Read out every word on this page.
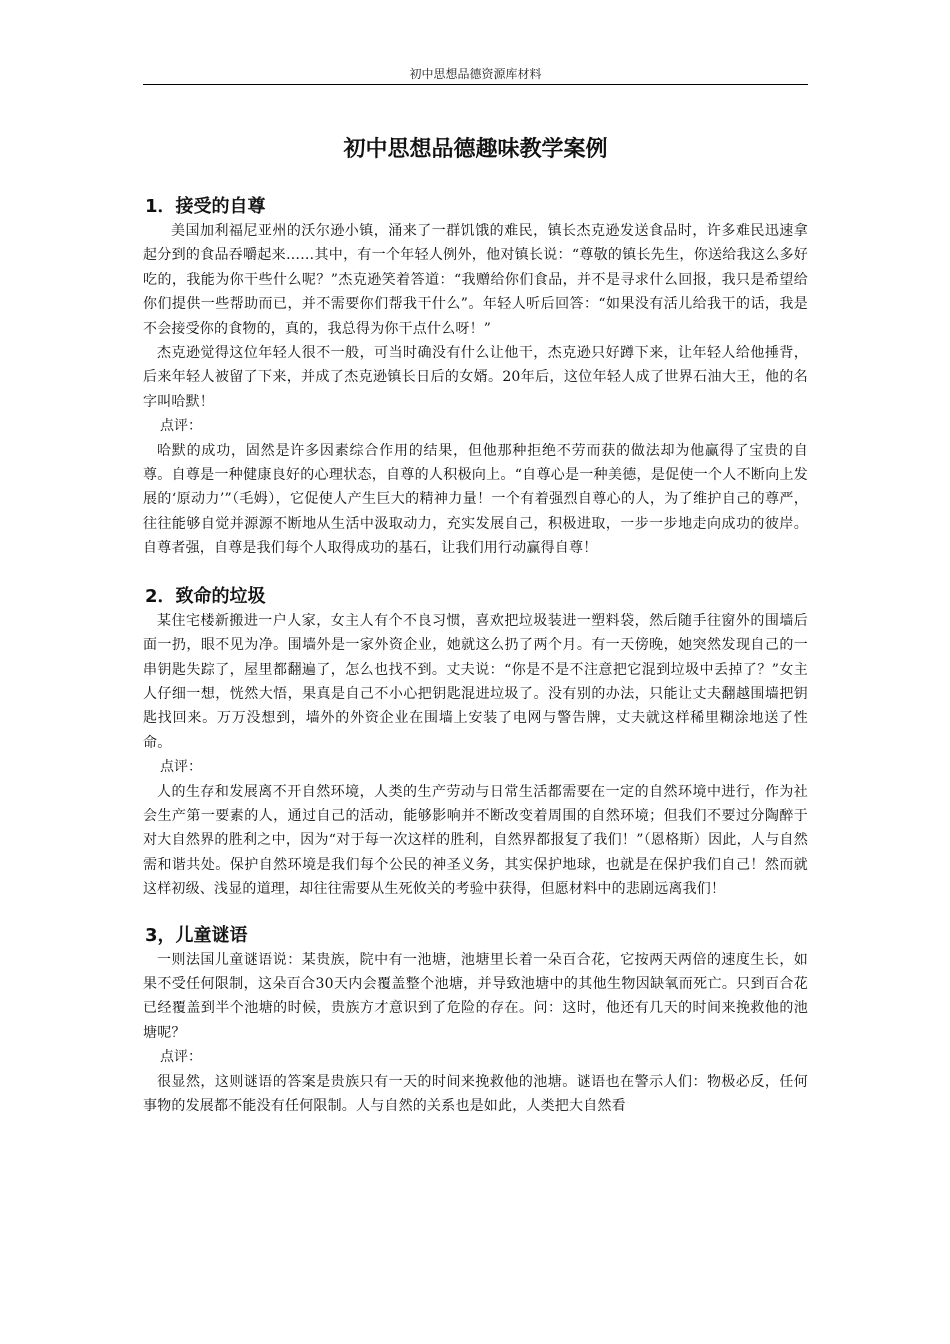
初中思想品德资源库材料
初中思想品德趣味教学案例
1．接受的自尊

美国加利福尼亚州的沃尔逊小镇，涌来了一群饥饿的难民，镇长杰克逊发送食品时，许多难民迅速拿起分到的食品吞嚼起来……其中，有一个年轻人例外，他对镇长说：“尊敬的镇长先生，你送给我这么多好吃的，我能为你干些什么呢？”杰克逊笑着答道：“我赠给你们食品，并不是寻求什么回报，我只是希望给你们提供一些帮助而已，并不需要你们帮我干什么”。年轻人听后回答：“如果没有活儿给我干的话，我是不会接受你的食物的，真的，我总得为你干点什么呀！”

杰克逊觉得这位年轻人很不一般，可当时确没有什么让他干，杰克逊只好蹲下来，让年轻人给他捶背，后来年轻人被留了下来，并成了杰克逊镇长日后的女婿。20年后，这位年轻人成了世界石油大王，他的名字叫哈默！

点评：

哈默的成功，固然是许多因素综合作用的结果，但他那种拒绝不劳而获的做法却为他赢得了宝贵的自尊。自尊是一种健康良好的心理状态，自尊的人积极向上。“自尊心是一种美德，是促使一个人不断向上发展的‘原动力’”（毛姆），它促使人产生巨大的精神力量！一个有着强烈自尊心的人，为了维护自己的尊严，往往能够自觉并源源不断地从生活中汲取动力，充实发展自己，积极进取，一步一步地走向成功的彼岸。自尊者强，自尊是我们每个人取得成功的基石，让我们用行动赢得自尊！

2．致命的垃圾

某住宅楼新搬进一户人家，女主人有个不良习惯，喜欢把垃圾装进一塑料袋，然后随手往窗外的围墙后面一扔，眼不见为净。围墙外是一家外资企业，她就这么扔了两个月。有一天傍晚，她突然发现自己的一串钥匙失踪了，屋里都翻遍了，怎么也找不到。丈夫说：“你是不是不注意把它混到垃圾中丢掉了？”女主人仔细一想，恍然大悟，果真是自己不小心把钥匙混进垃圾了。没有别的办法，只能让丈夫翻越围墙把钥匙找回来。万万没想到，墙外的外资企业在围墙上安装了电网与警告牌，丈夫就这样稀里糊涂地送了性命。

点评：

人的生存和发展离不开自然环境，人类的生产劳动与日常生活都需要在一定的自然环境中进行，作为社会生产第一要素的人，通过自己的活动，能够影响并不断改变着周围的自然环境；但我们不要过分陶醉于对大自然界的胜利之中，因为“对于每一次这样的胜利，自然界都报复了我们！”（恩格斯）因此，人与自然需和谐共处。保护自然环境是我们每个公民的神圣义务，其实保护地球，也就是在保护我们自己！然而就这样初级、浅显的道理，却往往需要从生死攸关的考验中获得，但愿材料中的悲剧远离我们！

3，儿童谜语

一则法国儿童谜语说：某贵族，院中有一池塘，池塘里长着一朵百合花，它按两天两倍的速度生长，如果不受任何限制，这朵百合30天内会覆盖整个池塘，并导致池塘中的其他生物因缺氧而死亡。只到百合花已经覆盖到半个池塘的时候，贵族方才意识到了危险的存在。问：这时，他还有几天的时间来挽救他的池塘呢？

点评：

很显然，这则谜语的答案是贵族只有一天的时间来挽救他的池塘。谜语也在警示人们：物极必反，任何事物的发展都不能没有任何限制。人与自然的关系也是如此，人类把大自然看
